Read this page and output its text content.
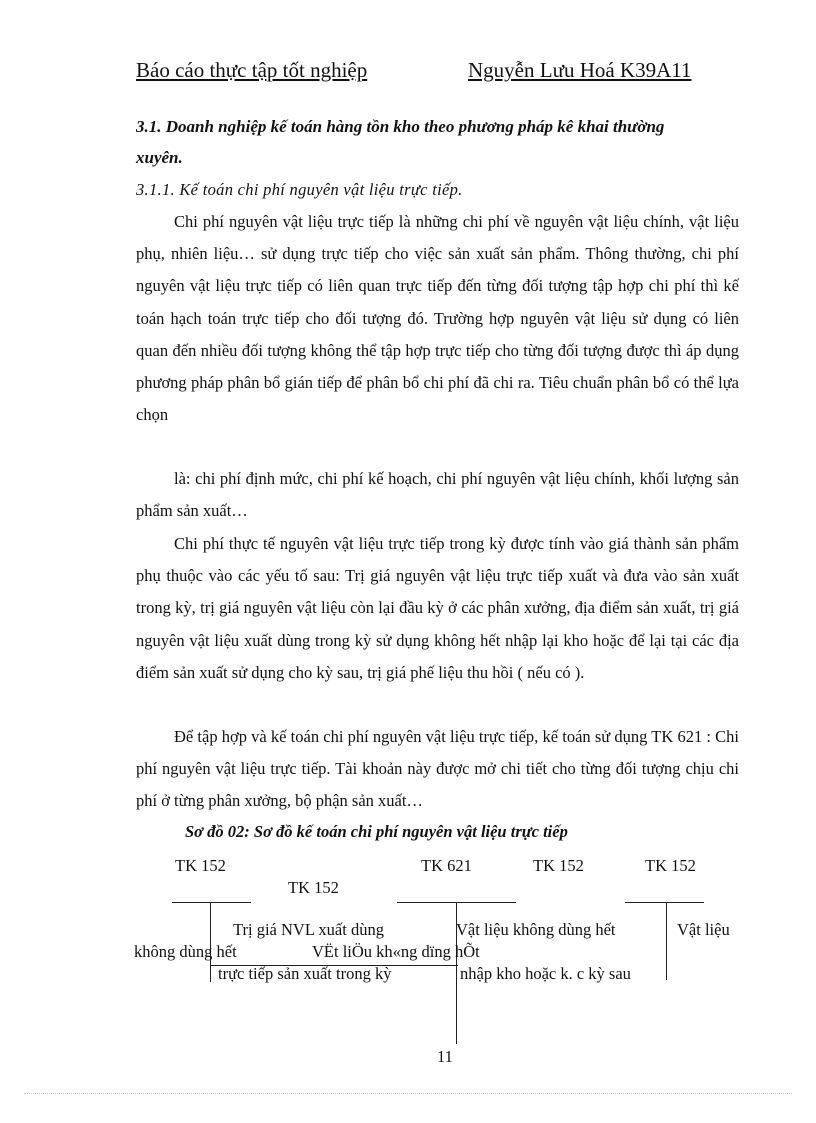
Báo cáo thực tập tốt nghiệp	Nguyễn Lưu Hoá K39A11
3.1. Doanh nghiệp kế toán hàng tồn kho theo phương pháp kê khai thường
xuyên.
3.1.1. Kế toán chi phí nguyên vật liệu trực tiếp.
Chi phí nguyên vật liệu trực tiếp là những chi phí về nguyên vật liệu chính, vật liệu phụ, nhiên liệu… sử dụng trực tiếp cho việc sản xuất sản phẩm. Thông thường, chi phí nguyên vật liệu trực tiếp có liên quan trực tiếp đến từng đối tượng tập hợp chi phí thì kế toán hạch toán trực tiếp cho đối tượng đó. Trường hợp nguyên vật liệu sử dụng có liên quan đến nhiều đối tượng không thể tập hợp trực tiếp cho từng đối tượng được thì áp dụng phương pháp phân bổ gián tiếp để phân bổ chi phí đã chi ra. Tiêu chuẩn phân bổ có thể lựa chọn
là: chi phí định mức, chi phí kế hoạch, chi phí nguyên vật liệu chính, khối lượng sản phẩm sản xuất…
Chi phí thực tế nguyên vật liệu trực tiếp trong kỳ được tính vào giá thành sản phẩm phụ thuộc vào các yếu tố sau: Trị giá nguyên vật liệu trực tiếp xuất và đưa vào sản xuất trong kỳ, trị giá nguyên vật liệu còn lại đầu kỳ ở các phân xưởng, địa điểm sản xuất, trị giá nguyên vật liệu xuất dùng trong kỳ sử dụng không hết nhập lại kho hoặc để lại tại các địa điểm sản xuất sử dụng cho kỳ sau, trị giá phế liệu thu hồi ( nếu có ).
Để tập hợp và kế toán chi phí nguyên vật liệu trực tiếp, kế toán sử dụng TK 621 : Chi phí nguyên vật liệu trực tiếp. Tài khoản này được mở chi tiết cho từng đối tượng chịu chi phí ở từng phân xưởng, bộ phận sản xuất…
Sơ đồ 02: Sơ đồ kế toán chi phí nguyên vật liệu trực tiếp
TK 152
TK 152
TK 621	TK 152	TK 152
Trị giá NVL xuất dùng	Vật liệu không dùng hết	Vật liệu
không dùng hết	VËt liÖu kh«ng dïng hÕt
trực tiếp sản xuất trong kỳ	nhập kho hoặc k. c kỳ sau
11
